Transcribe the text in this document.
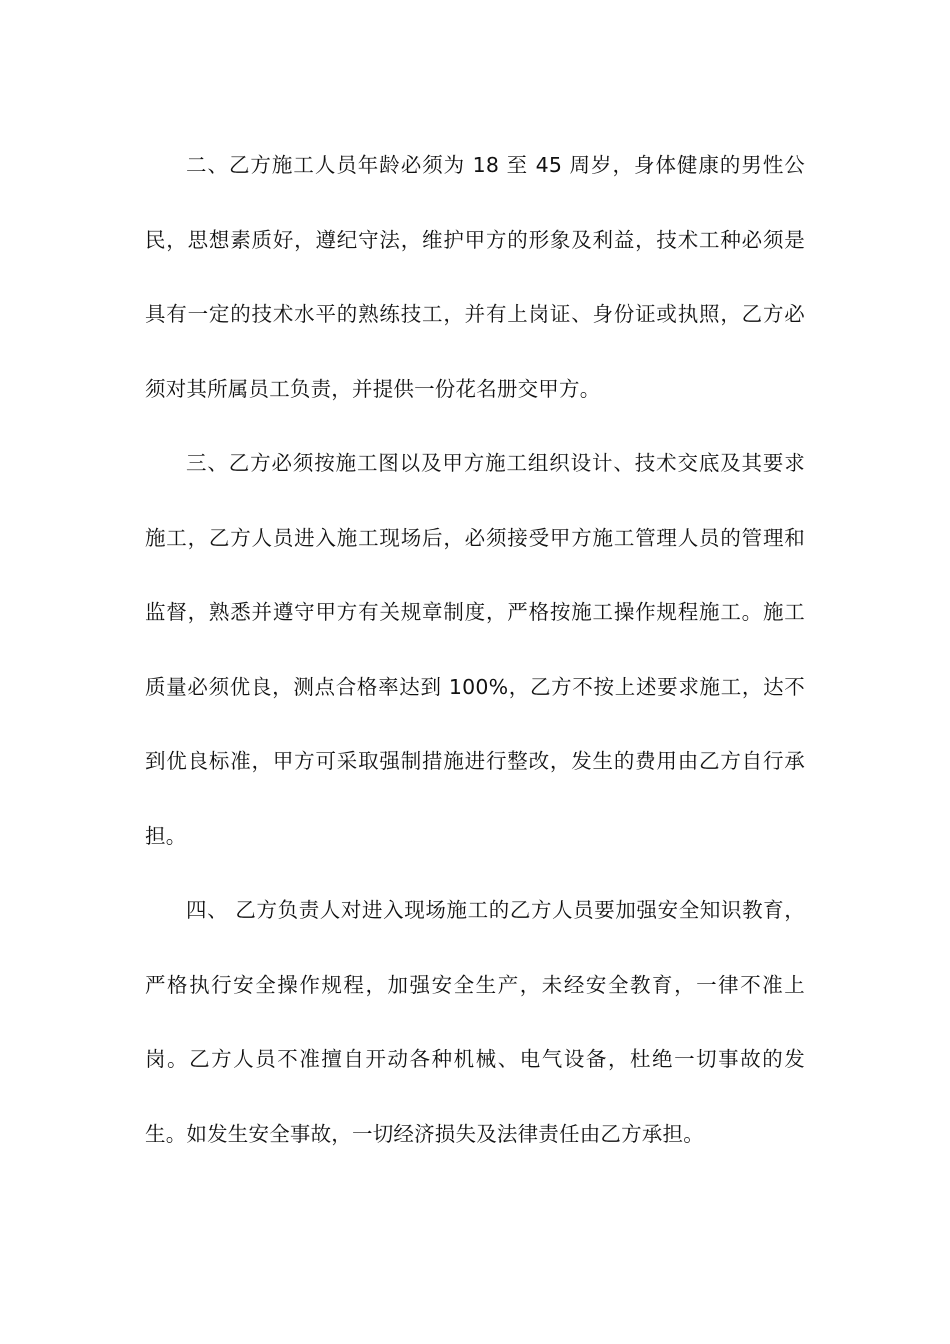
二、乙方施工人员年龄必须为 18 至 45 周岁，身体健康的男性公民，思想素质好，遵纪守法，维护甲方的形象及利益，技术工种必须是具有一定的技术水平的熟练技工，并有上岗证、身份证或执照，乙方必须对其所属员工负责，并提供一份花名册交甲方。

三、乙方必须按施工图以及甲方施工组织设计、技术交底及其要求施工，乙方人员进入施工现场后，必须接受甲方施工管理人员的管理和监督，熟悉并遵守甲方有关规章制度，严格按施工操作规程施工。施工质量必须优良，测点合格率达到 100%，乙方不按上述要求施工，达不到优良标准，甲方可采取强制措施进行整改，发生的费用由乙方自行承担。

四、 乙方负责人对进入现场施工的乙方人员要加强安全知识教育，严格执行安全操作规程，加强安全生产，未经安全教育，一律不准上岗。乙方人员不准擅自开动各种机械、电气设备，杜绝一切事故的发生。如发生安全事故，一切经济损失及法律责任由乙方承担。
